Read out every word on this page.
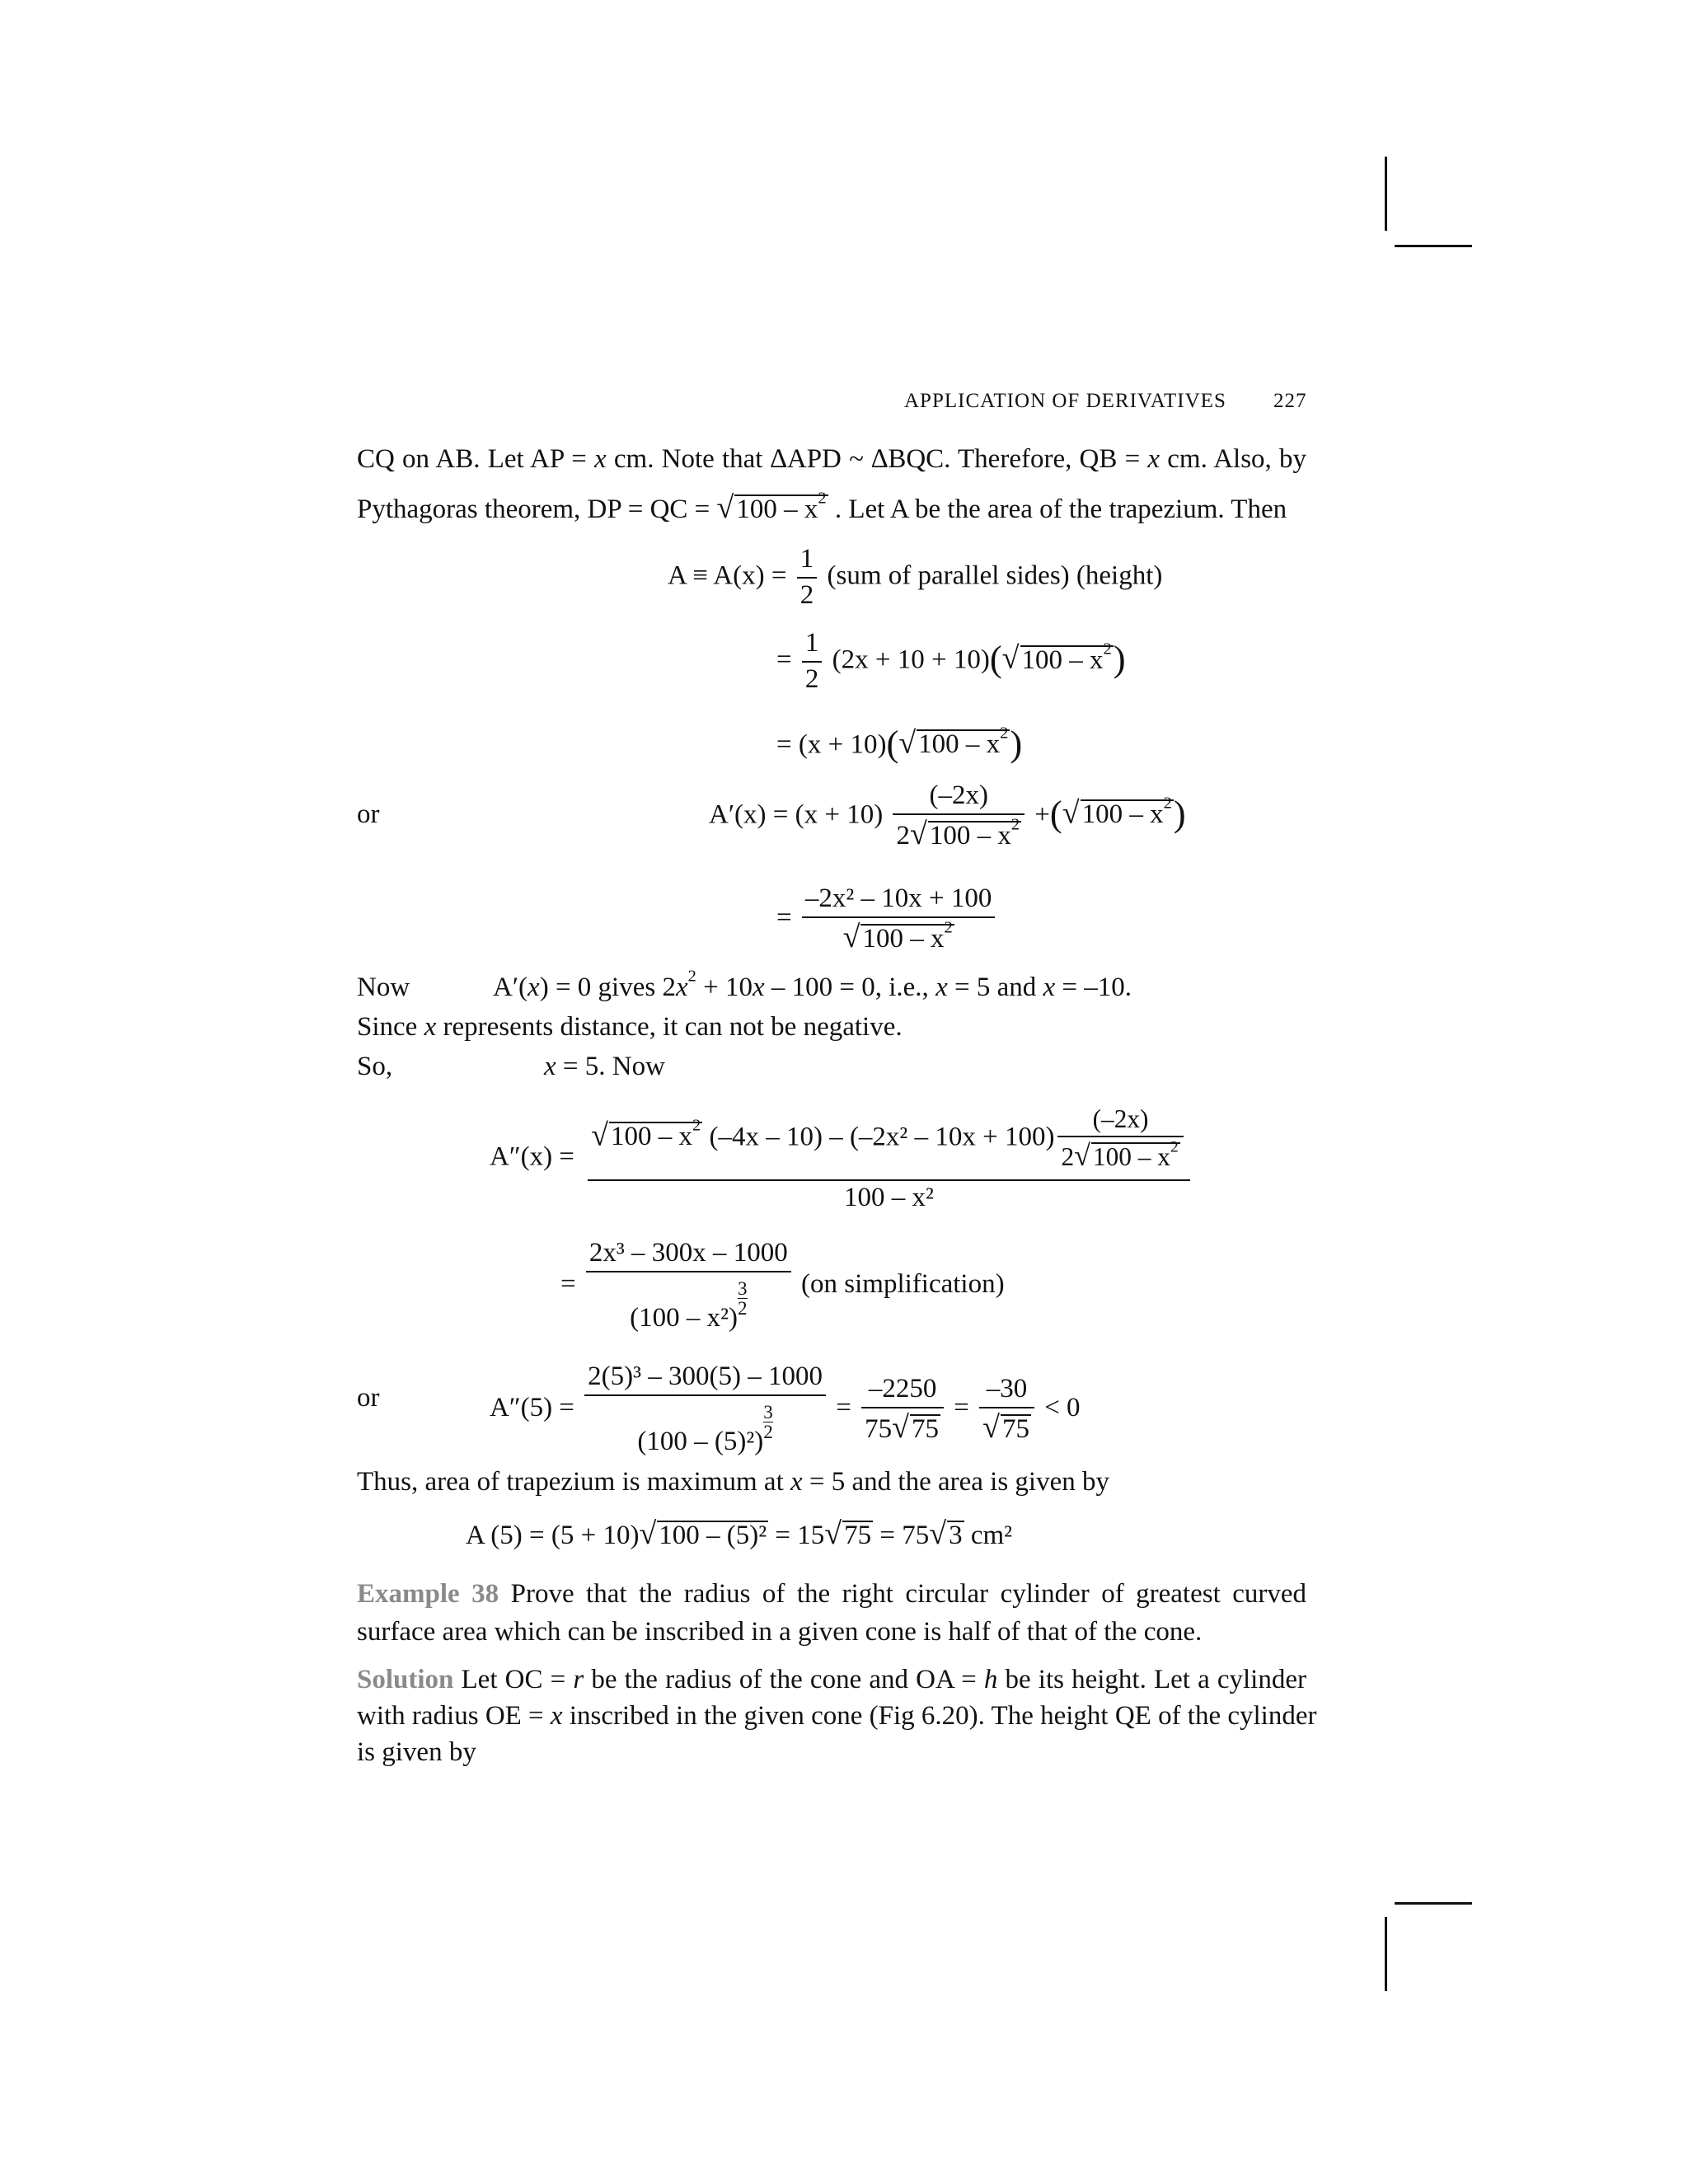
APPLICATION OF DERIVATIVES 227
CQ on AB. Let AP = x cm. Note that ∆APD ~ ∆BQC. Therefore, QB = x cm. Also, by
Pythagoras theorem, DP = QC = $√100 - x^2$ . Let A be the area of the trapezium. Then
$A \equiv A(x) = \frac{1}{2} (sum$ of parallel sides) (height)
= $\frac{1}{2} (2x + 10 + 10)(√100 - x^2)$
= $(x + 10)(√100 - x^2)$
or	$A'(x) = (x + 10) \frac{(-2x)}{2√100 - x^2} +(√100 - x^2)$
= $\frac{\text{–2x² – 10x + 100}}{√100 - x^2}$
Now	A′(x) = 0 gives $2x^2 + 10x - 100 = 0$, i.e., x = 5 and x = –10.
Since x represents distance, it can not be negative.
So,	x = 5. Now
$A''(x) = \frac{√100 - x^2 (-4x - 10) - (-2x^2 - 10x + 100) \frac{(-2x)}{2√100 - x^2}}{\text{100 – x²}}$
= $\frac{\text{2x³ – 300x – 1000}}{(100 - x^2) \frac{3}{2}} (on$ simplification)
or	$A''(5) = \frac{\text{2(5)³ – 300(5) – 1000}}{(100 - (5)^2) \frac{3}{2}} = \frac{-2250}{75√75} = \frac{-30}{√75} < 0$
Thus, area of trapezium is maximum at x = 5 and the area is given by
A (5) = (5 + 10)√100 – (5)² = 15√75 = 75√3 cm²
Example 38 Prove that the radius of the right circular cylinder of greatest curved
surface area which can be inscribed in a given cone is half of that of the cone.
Solution Let OC = r be the radius of the cone and OA = h be its height. Let a cylinder
with radius OE = x inscribed in the given cone (Fig 6.20). The height QE of the cylinder
is given by
